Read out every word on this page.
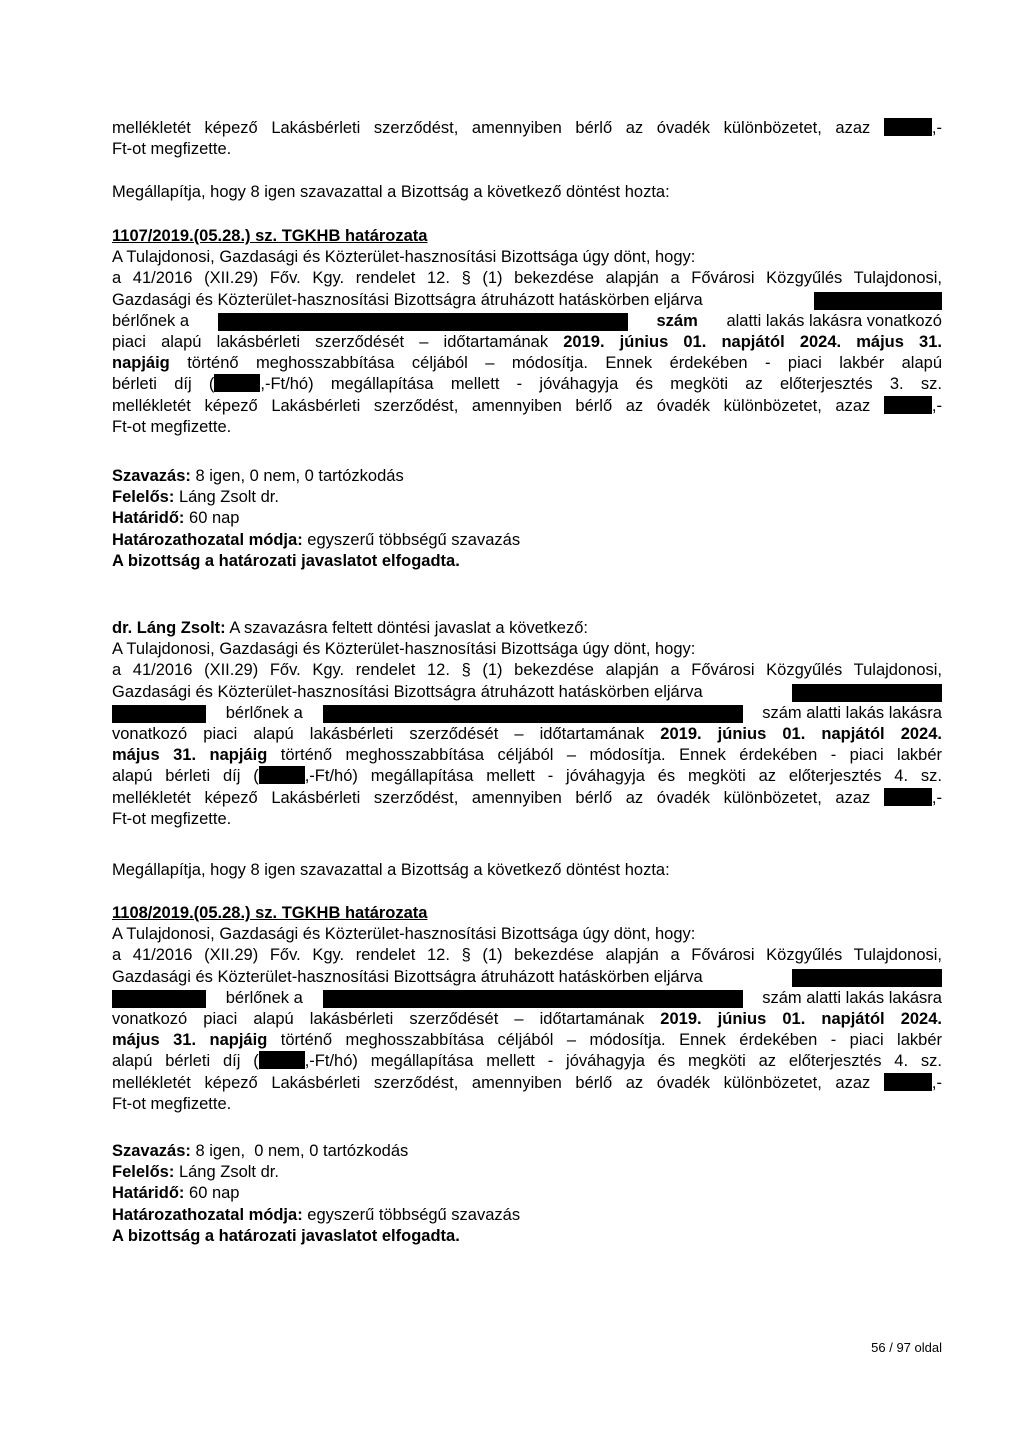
mellékletét képező Lakásbérleti szerződést, amennyiben bérlő az óvadék különbözetet, azaz	,-
Ft-ot megfizette.
Megállapítja, hogy 8 igen szavazattal a Bizottság a következő döntést hozta:
1107/2019.(05.28.) sz. TGKHB határozata
A Tulajdonosi, Gazdasági és Közterület-hasznosítási Bizottsága úgy dönt, hogy:
a 41/2016 (XII.29) Főv. Kgy. rendelet 12. § (1) bekezdése alapján a Fővárosi Közgyűlés Tulajdonosi,
Gazdasági és Közterület-hasznosítási Bizottságra átruházott hatáskörben eljárva
bérlőnek a	szám alatti lakás lakásra vonatkozó
piaci alapú lakásbérleti szerződését – időtartamának 2019. június 01. napjától 2024. május 31.
napjáig történő meghosszabbítása céljából – módosítja. Ennek érdekében - piaci lakbér alapú
bérleti díj (	,-Ft/hó) megállapítása mellett - jóváhagyja és megköti az előterjesztés 3. sz.
mellékletét képező Lakásbérleti szerződést, amennyiben bérlő az óvadék különbözetet, azaz	,-
Ft-ot megfizette.
Szavazás: 8 igen, 0 nem, 0 tartózkodás
Felelős: Láng Zsolt dr.
Határidő: 60 nap
Határozathozatal módja: egyszerű többségű szavazás
A bizottság a határozati javaslatot elfogadta.
dr. Láng Zsolt: A szavazásra feltett döntési javaslat a következő:
A Tulajdonosi, Gazdasági és Közterület-hasznosítási Bizottsága úgy dönt, hogy:
a 41/2016 (XII.29) Főv. Kgy. rendelet 12. § (1) bekezdése alapján a Fővárosi Közgyűlés Tulajdonosi,
Gazdasági és Közterület-hasznosítási Bizottságra átruházott hatáskörben eljárva
bérlőnek a	szám alatti lakás lakásra
vonatkozó piaci alapú lakásbérleti szerződését – időtartamának 2019. június 01. napjától 2024.
május 31. napjáig történő meghosszabbítása céljából – módosítja. Ennek érdekében - piaci lakbér
alapú bérleti díj (	,-Ft/hó) megállapítása mellett - jóváhagyja és megköti az előterjesztés 4. sz.
mellékletét képező Lakásbérleti szerződést, amennyiben bérlő az óvadék különbözetet, azaz	,-
Ft-ot megfizette.
Megállapítja, hogy 8 igen szavazattal a Bizottság a következő döntést hozta:
1108/2019.(05.28.) sz. TGKHB határozata
A Tulajdonosi, Gazdasági és Közterület-hasznosítási Bizottsága úgy dönt, hogy:
a 41/2016 (XII.29) Főv. Kgy. rendelet 12. § (1) bekezdése alapján a Fővárosi Közgyűlés Tulajdonosi,
Gazdasági és Közterület-hasznosítási Bizottságra átruházott hatáskörben eljárva
bérlőnek a	szám alatti lakás lakásra
vonatkozó piaci alapú lakásbérleti szerződését – időtartamának 2019. június 01. napjától 2024.
május 31. napjáig történő meghosszabbítása céljából – módosítja. Ennek érdekében - piaci lakbér
alapú bérleti díj (	,-Ft/hó) megállapítása mellett - jóváhagyja és megköti az előterjesztés 4. sz.
mellékletét képező Lakásbérleti szerződést, amennyiben bérlő az óvadék különbözetet, azaz	,-
Ft-ot megfizette.
Szavazás: 8 igen,  0 nem, 0 tartózkodás
Felelős: Láng Zsolt dr.
Határidő: 60 nap
Határozathozatal módja: egyszerű többségű szavazás
A bizottság a határozati javaslatot elfogadta.
56 / 97 oldal
